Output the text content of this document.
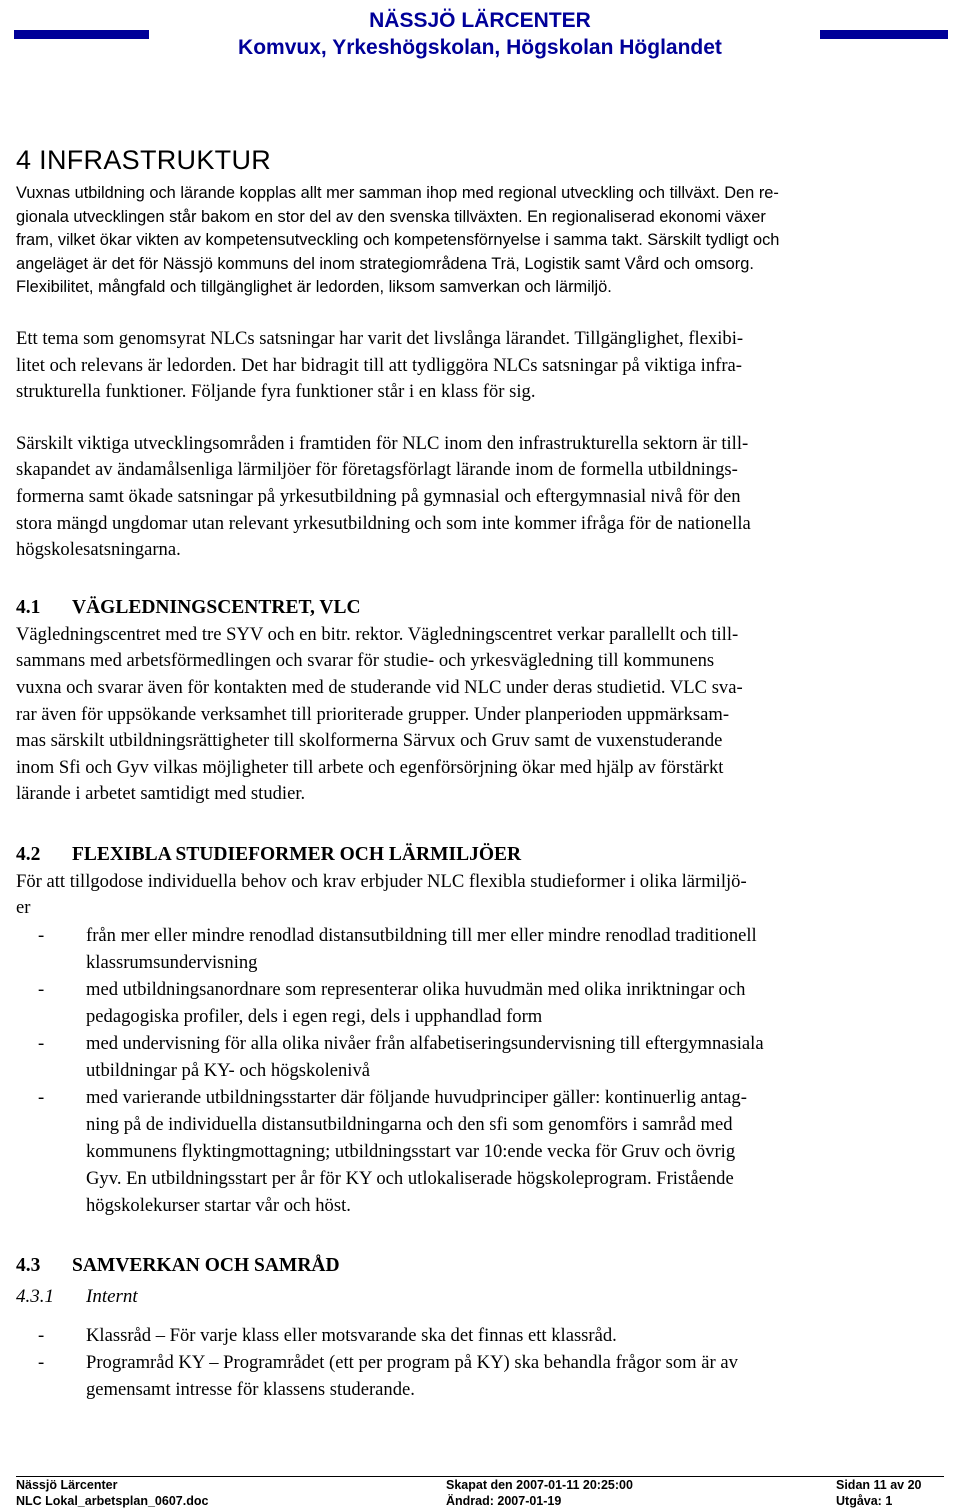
NÄSSJÖ LÄRCENTER
Komvux, Yrkeshögskolan, Högskolan Höglandet
4 INFRASTRUKTUR

Vuxnas utbildning och lärande kopplas allt mer samman ihop med regional utveckling och tillväxt. Den re-
gionala utvecklingen står bakom en stor del av den svenska tillväxten. En regionaliserad ekonomi växer
fram, vilket ökar vikten av kompetensutveckling och kompetensförnyelse i samma takt. Särskilt tydligt och
angeläget är det för Nässjö kommuns del inom strategiområdena Trä, Logistik samt Vård och omsorg.
Flexibilitet, mångfald och tillgänglighet är ledorden, liksom samverkan och lärmiljö.

Ett tema som genomsyrat NLCs satsningar har varit det livslånga lärandet. Tillgänglighet, flexibi-
litet och relevans är ledorden. Det har bidragit till att tydliggöra NLCs satsningar på viktiga infra-
strukturella funktioner. Följande fyra funktioner står i en klass för sig.

Särskilt viktiga utvecklingsområden i framtiden för NLC inom den infrastrukturella sektorn är till-
skapandet av ändamålsenliga lärmiljöer för företagsförlagt lärande inom de formella utbildnings-
formerna samt ökade satsningar på yrkesutbildning på gymnasial och eftergymnasial nivå för den
stora mängd ungdomar utan relevant yrkesutbildning och som inte kommer ifråga för de nationella
högskolesatsningarna.

4.1 VÄGLEDNINGSCENTRET, VLC

Vägledningscentret med tre SYV och en bitr. rektor. Vägledningscentret verkar parallellt och till-
sammans med arbetsförmedlingen och svarar för studie- och yrkesvägledning till kommunens
vuxna och svarar även för kontakten med de studerande vid NLC under deras studietid. VLC sva-
rar även för uppsökande verksamhet till prioriterade grupper. Under planperioden uppmärksam-
mas särskilt utbildningsrättigheter till skolformerna Särvux och Gruv samt de vuxenstuderande
inom Sfi och Gyv vilkas möjligheter till arbete och egenförsörjning ökar med hjälp av förstärkt
lärande i arbetet samtidigt med studier.

4.2 FLEXIBLA STUDIEFORMER OCH LÄRMILJÖER

För att tillgodose individuella behov och krav erbjuder NLC flexibla studieformer i olika lärmiljö-
er

- från mer eller mindre renodlad distansutbildning till mer eller mindre renodlad traditionell
klassrumsundervisning
- med utbildningsanordnare som representerar olika huvudmän med olika inriktningar och
pedagogiska profiler, dels i egen regi, dels i upphandlad form
- med undervisning för alla olika nivåer från alfabetiseringsundervisning till eftergymnasiala
utbildningar på KY- och högskolenivå
- med varierande utbildningsstarter där följande huvudprinciper gäller: kontinuerlig antag-
ning på de individuella distansutbildningarna och den sfi som genomförs i samråd med
kommunens flyktingmottagning; utbildningsstart var 10:ende vecka för Gruv och övrig
Gyv. En utbildningsstart per år för KY och utlokaliserade högskoleprogram. Fristående
högskolekurser startar vår och höst.
4.3 SAMVERKAN OCH SAMRÅD
4.3.1 Internt
- Klassråd – För varje klass eller motsvarande ska det finnas ett klassråd.
- Programråd KY – Programrådet (ett per program på KY) ska behandla frågor som är av
gemensamt intresse för klassens studerande.
Nässjö Lärcenter	Skapat den 2007-01-11 20:25:00	Sidan 11 av 20
NLC Lokal_arbetsplan_0607.doc	Ändrad: 2007-01-19	Utgåva: 1
